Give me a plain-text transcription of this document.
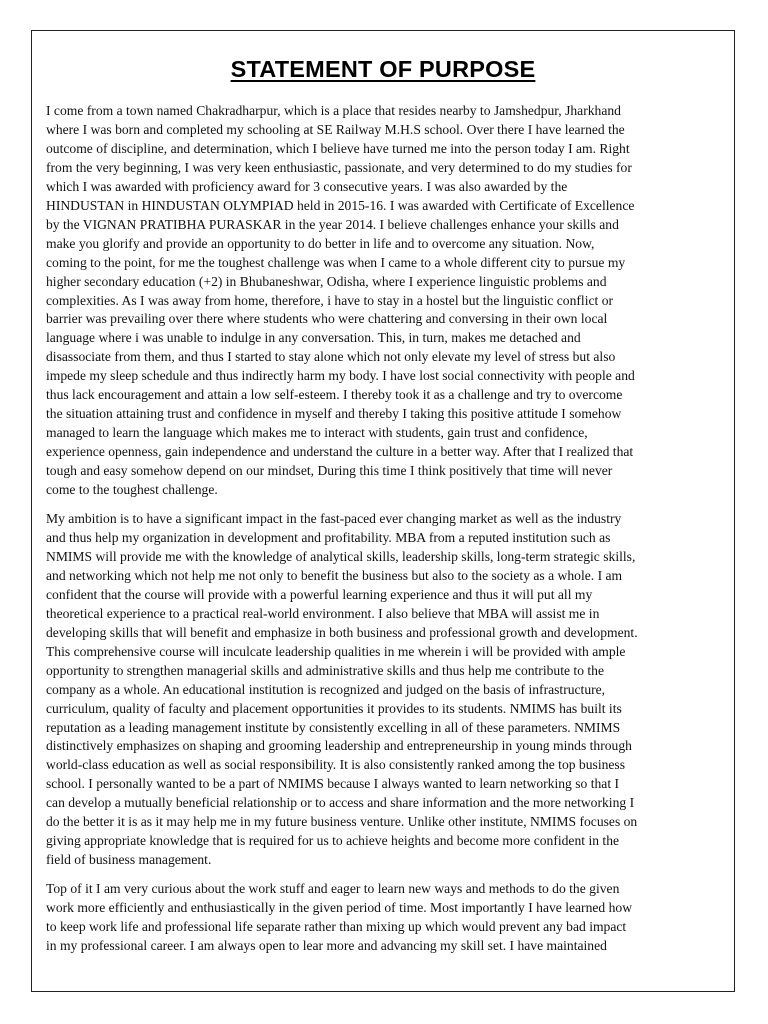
STATEMENT OF PURPOSE

I come from a town named Chakradharpur, which is a place that resides nearby to Jamshedpur, Jharkhand
where I was born and completed my schooling at SE Railway M.H.S school. Over there I have learned the
outcome of discipline, and determination, which I believe have turned me into the person today I am. Right
from the very beginning, I was very keen enthusiastic, passionate, and very determined to do my studies for
which I was awarded with proficiency award for 3 consecutive years. I was also awarded by the
HINDUSTAN in HINDUSTAN OLYMPIAD held in 2015-16. I was awarded with Certificate of Excellence
by the VIGNAN PRATIBHA PURASKAR in the year 2014. I believe challenges enhance your skills and
make you glorify and provide an opportunity to do better in life and to overcome any situation. Now,
coming to the point, for me the toughest challenge was when I came to a whole different city to pursue my
higher secondary education (+2) in Bhubaneshwar, Odisha, where I experience linguistic problems and
complexities. As I was away from home, therefore, i have to stay in a hostel but the linguistic conflict or
barrier was prevailing over there where students who were chattering and conversing in their own local
language where i was unable to indulge in any conversation. This, in turn, makes me detached and
disassociate from them, and thus I started to stay alone which not only elevate my level of stress but also
impede my sleep schedule and thus indirectly harm my body. I have lost social connectivity with people and
thus lack encouragement and attain a low self-esteem. I thereby took it as a challenge and try to overcome
the situation attaining trust and confidence in myself and thereby I taking this positive attitude I somehow
managed to learn the language which makes me to interact with students, gain trust and confidence,
experience openness, gain independence and understand the culture in a better way. After that I realized that
tough and easy somehow depend on our mindset, During this time I think positively that time will never
come to the toughest challenge.

My ambition is to have a significant impact in the fast-paced ever changing market as well as the industry
and thus help my organization in development and profitability. MBA from a reputed institution such as
NMIMS will provide me with the knowledge of analytical skills, leadership skills, long-term strategic skills,
and networking which not help me not only to benefit the business but also to the society as a whole. I am
confident that the course will provide with a powerful learning experience and thus it will put all my
theoretical experience to a practical real-world environment. I also believe that MBA will assist me in
developing skills that will benefit and emphasize in both business and professional growth and development.
This comprehensive course will inculcate leadership qualities in me wherein i will be provided with ample
opportunity to strengthen managerial skills and administrative skills and thus help me contribute to the
company as a whole. An educational institution is recognized and judged on the basis of infrastructure,
curriculum, quality of faculty and placement opportunities it provides to its students. NMIMS has built its
reputation as a leading management institute by consistently excelling in all of these parameters. NMIMS
distinctively emphasizes on shaping and grooming leadership and entrepreneurship in young minds through
world-class education as well as social responsibility. It is also consistently ranked among the top business
school. I personally wanted to be a part of NMIMS because I always wanted to learn networking so that I
can develop a mutually beneficial relationship or to access and share information and the more networking I
do the better it is as it may help me in my future business venture. Unlike other institute, NMIMS focuses on
giving appropriate knowledge that is required for us to achieve heights and become more confident in the
field of business management.

Top of it I am very curious about the work stuff and eager to learn new ways and methods to do the given
work more efficiently and enthusiastically in the given period of time. Most importantly I have learned how
to keep work life and professional life separate rather than mixing up which would prevent any bad impact
in my professional career. I am always open to lear more and advancing my skill set. I have maintained
